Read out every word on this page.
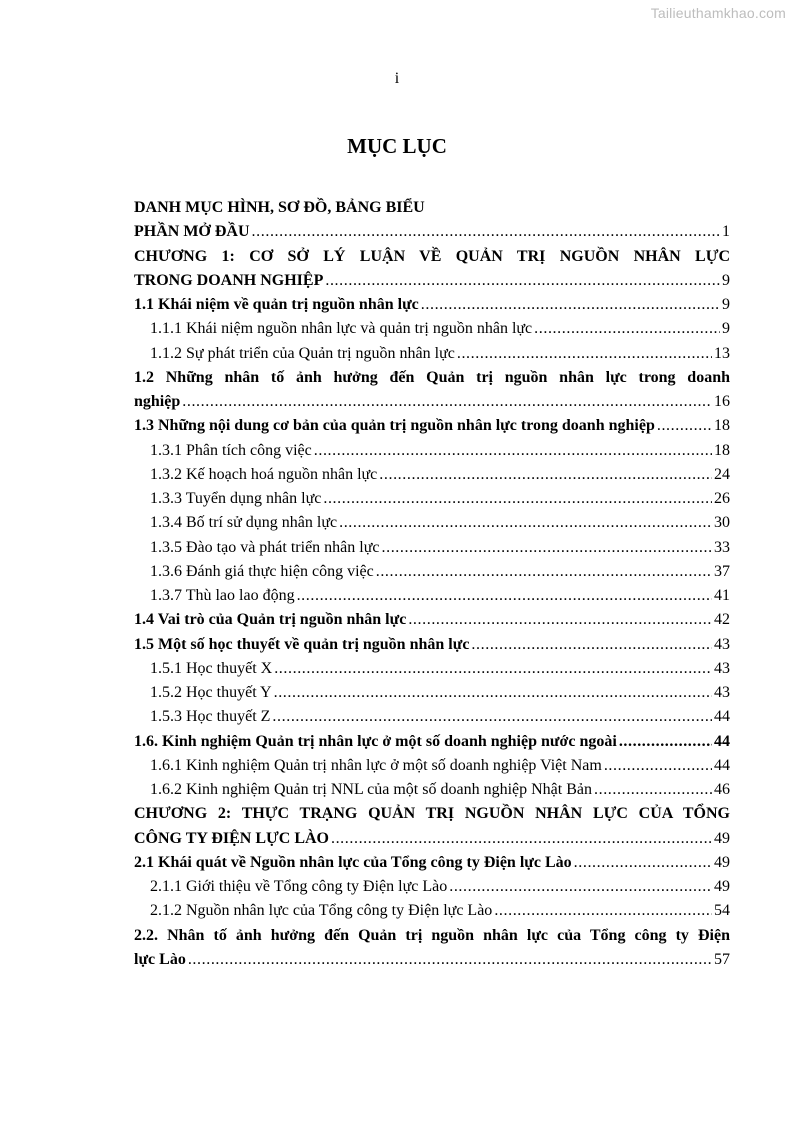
Tailieuthamkhao.com
i
MỤC LỤC
DANH MỤC HÌNH, SƠ ĐỒ, BẢNG BIỂU
PHẦN MỞ ĐẦU .....	1
CHƯƠNG 1: CƠ SỞ LÝ LUẬN VỀ QUẢN TRỊ NGUỒN NHÂN LỰC
TRONG DOANH NGHIỆP .....	9
1.1 Khái niệm về quản trị nguồn nhân lực .....	9
1.1.1 Khái niệm nguồn nhân lực và quản trị nguồn nhân lực .....	9
1.1.2 Sự phát triển của Quản trị nguồn nhân lực .....	13
1.2 Những nhân tố ảnh hưởng đến Quản trị nguồn nhân lực trong doanh
nghiệp .....	16
1.3 Những nội dung cơ bản của quản trị nguồn nhân lực trong doanh nghiệp .....	18
1.3.1 Phân tích công việc .....	18
1.3.2 Kế hoạch hoá nguồn nhân lực .....	24
1.3.3 Tuyển dụng nhân lực .....	26
1.3.4 Bố trí sử dụng nhân lực .....	30
1.3.5 Đào tạo và phát triển nhân lực .....	33
1.3.6 Đánh giá thực hiện công việc .....	37
1.3.7 Thù lao lao động .....	41
1.4 Vai trò của Quản trị nguồn nhân lực .....	42
1.5 Một số học thuyết về quản trị nguồn nhân lực .....	43
1.5.1 Học thuyết X .....	43
1.5.2 Học thuyết Y .....	43
1.5.3 Học thuyết Z .....	44
1.6. Kinh nghiệm Quản trị nhân lực ở một số doanh nghiệp nước ngoài .....	44
1.6.1 Kinh nghiệm Quản trị nhân lực ở một số doanh nghiệp Việt Nam .....	44
1.6.2 Kinh nghiệm Quản trị NNL của một số doanh nghiệp Nhật Bản .....	46
CHƯƠNG 2: THỰC TRẠNG QUẢN TRỊ NGUỒN NHÂN LỰC CỦA TỔNG
CÔNG TY ĐIỆN LỰC LÀO .....	49
2.1 Khái quát về Nguồn nhân lực của Tổng công ty Điện lực Lào .....	49
2.1.1 Giới thiệu về Tổng công ty Điện lực Lào .....	49
2.1.2 Nguồn nhân lực của Tổng công ty Điện lực Lào .....	54
2.2. Nhân tố ảnh hưởng đến Quản trị nguồn nhân lực của Tổng công ty Điện
lực Lào .....	57
